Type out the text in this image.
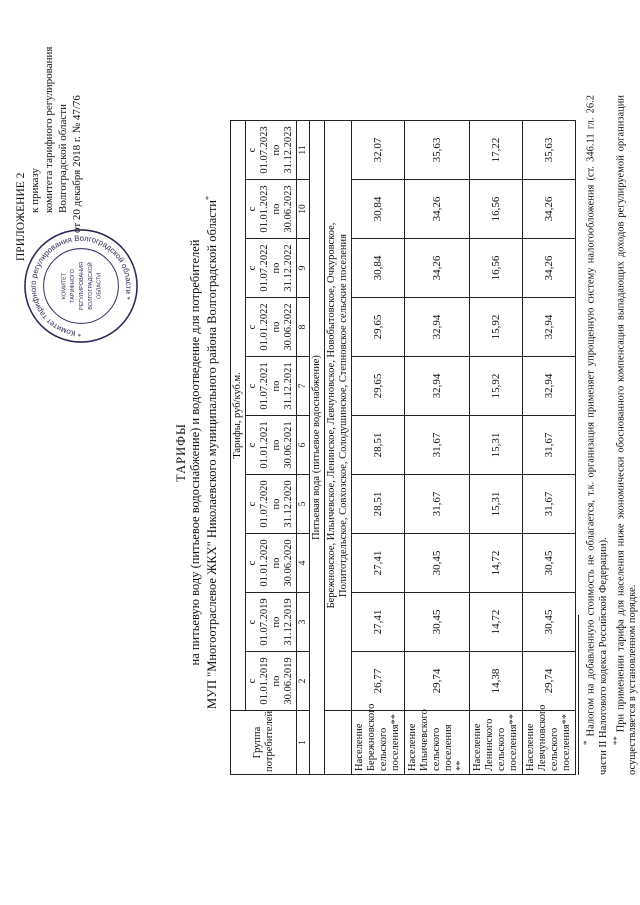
* Комитет тарифного регулирования Волгоградской области *
КОМИТЕТ ТАРИФНОГО РЕГУЛИРОВАНИЯ ВОЛГОГРАДСКОЙ ОБЛАСТИ
ПРИЛОЖЕНИЕ 2 к приказу комитета тарифного регулирования Волгоградской области от 20 декабря 2018 г. № 47/76
ТАРИФЫ на питьевую воду (питьевое водоснабжение) и водоотведение для потребителей МУП "Многоотраслевое ЖКХ" Николаевского муниципального района Волгоградской области*
Группа потребителей	Тарифы, руб/куб.м.									
	с 01.01.2019 по 30.06.2019	с 01.07.2019 по 31.12.2019	с 01.01.2020 по 30.06.2020	с 01.07.2020 по 31.12.2020	с 01.01.2021 по 30.06.2021	с 01.07.2021 по 31.12.2021	с 01.01.2022 по 30.06.2022	с 01.07.2022 по 31.12.2022	с 01.01.2023 по 30.06.2023	с 01.07.2023 по 31.12.2023
1	2	3	4	5	6	7	8	9	10	11
Питьевая вода (питьевое водоснабжение)										

	Бережновское, Ильичевское, Ленинское, Левчуновское, Новобытовское, Очкуровское, Политотдельское, Совхозское, Солодушинское, Степновское сельские поселения									

Население Бережновского сельского поселения**	26,77	27,41	27,41	28,51	28,51	29,65	29,65	30,84	30,84	32,07
Население Ильичевского сельского поселения **	29,74	30,45	30,45	31,67	31,67	32,94	32,94	34,26	34,26	35,63
Население Ленинского сельского поселения**	14,38	14,72	14,72	15,31	15,31	15,92	15,92	16,56	16,56	17,22
Население Левчуновского сельского поселения**	29,74	30,45	30,45	31,67	31,67	32,94	32,94	34,26	34,26	35,63

* Налогом на добавленную стоимость не облагается, т.к. организация применяет упрощенную систему налогообложения (ст. 346.11 гл. 26.2 части II Налогового кодекса Российской Федерации). ** При применении тарифа для населения ниже экономически обоснованного компенсация выпадающих доходов регулируемой организации осуществляется в установленном порядке.
